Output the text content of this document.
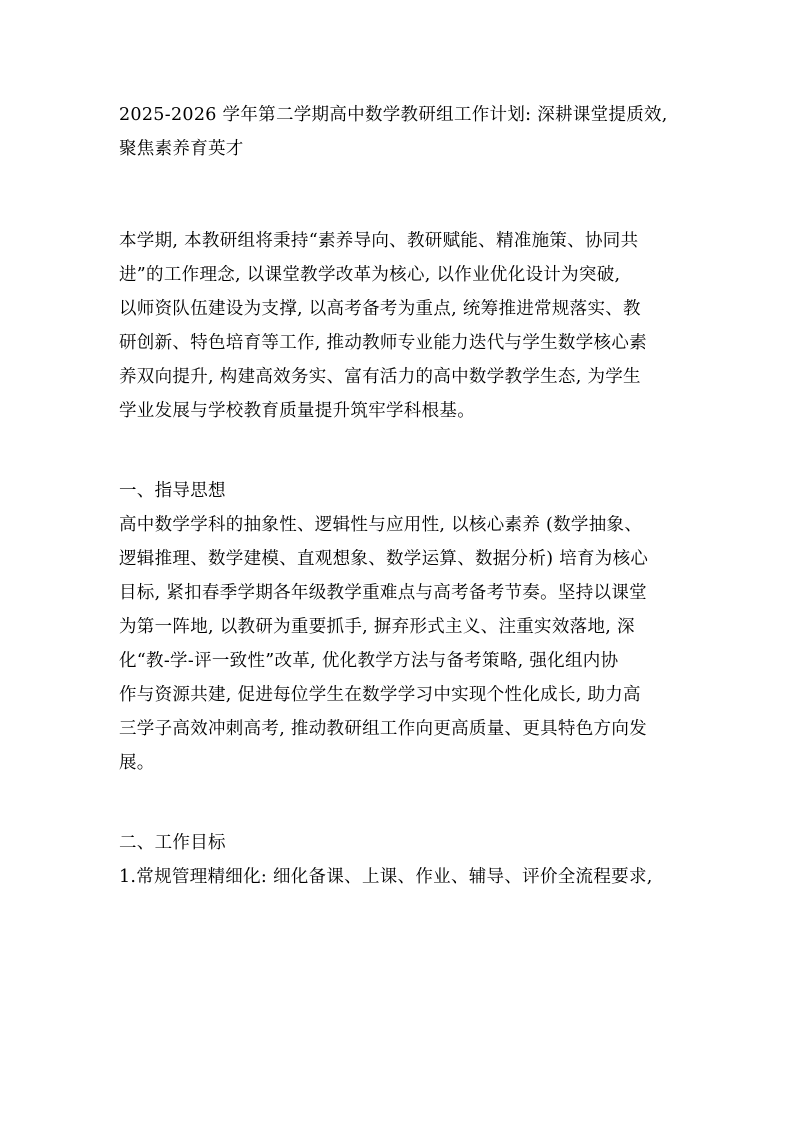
2025-2026 学年第二学期高中数学教研组工作计划: 深耕课堂提质效,
聚焦素养育英才
本学期, 本教研组将秉持“素养导向、教研赋能、精准施策、协同共
进”的工作理念, 以课堂教学改革为核心, 以作业优化设计为突破,
以师资队伍建设为支撑, 以高考备考为重点, 统筹推进常规落实、教
研创新、特色培育等工作, 推动教师专业能力迭代与学生数学核心素
养双向提升, 构建高效务实、富有活力的高中数学教学生态, 为学生
学业发展与学校教育质量提升筑牢学科根基。
一、指导思想
高中数学学科的抽象性、逻辑性与应用性, 以核心素养 (数学抽象、
逻辑推理、数学建模、直观想象、数学运算、数据分析) 培育为核心
目标, 紧扣春季学期各年级教学重难点与高考备考节奏。坚持以课堂
为第一阵地, 以教研为重要抓手, 摒弃形式主义、注重实效落地, 深
化“教-学-评一致性”改革, 优化教学方法与备考策略, 强化组内协
作与资源共建, 促进每位学生在数学学习中实现个性化成长, 助力高
三学子高效冲刺高考, 推动教研组工作向更高质量、更具特色方向发
展。
二、工作目标
1.常规管理精细化: 细化备课、上课、作业、辅导、评价全流程要求,
